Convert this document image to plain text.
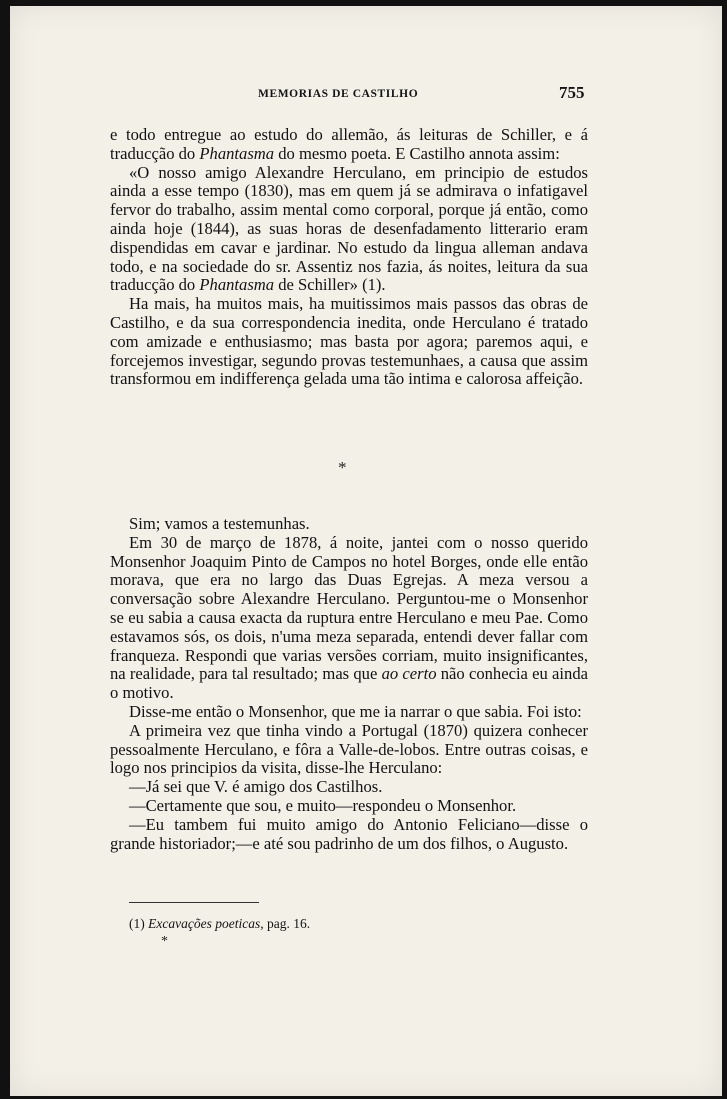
MEMORIAS DE CASTILHO	755

e todo entregue ao estudo do allemão, ás leituras de Schiller, e á traducção do Phantasma do mesmo poeta. E Castilho annota assim:

«O nosso amigo Alexandre Herculano, em principio de estudos ainda a esse tempo (1830), mas em quem já se admirava o infatigavel fervor do trabalho, assim mental como corporal, porque já então, como ainda hoje (1844), as suas horas de desenfadamento litterario eram dispendidas em cavar e jardinar. No estudo da lingua alleman andava todo, e na sociedade do sr. Assentiz nos fazia, ás noites, leitura da sua traducção do Phantasma de Schiller» (1).

Ha mais, ha muitos mais, ha muitissimos mais passos das obras de Castilho, e da sua correspondencia inedita, onde Herculano é tratado com amizade e enthusiasmo; mas basta por agora; paremos aqui, e forcejemos investigar, segundo provas testemunhaes, a causa que assim transformou em indifferença gelada uma tão intima e calorosa affeição.

*

Sim; vamos a testemunhas.

Em 30 de março de 1878, á noite, jantei com o nosso querido Monsenhor Joaquim Pinto de Campos no hotel Borges, onde elle então morava, que era no largo das Duas Egrejas. A meza versou a conversação sobre Alexandre Herculano. Perguntou-me o Monsenhor se eu sabia a causa exacta da ruptura entre Herculano e meu Pae. Como estavamos sós, os dois, n'uma meza separada, entendi dever fallar com franqueza. Respondi que varias versões corriam, muito insignificantes, na realidade, para tal resultado; mas que ao certo não conhecia eu ainda o motivo.

Disse-me então o Monsenhor, que me ia narrar o que sabia. Foi isto:

A primeira vez que tinha vindo a Portugal (1870) quizera conhecer pessoalmente Herculano, e fôra a Valle-de-lobos. Entre outras coisas, e logo nos principios da visita, disse-lhe Herculano:

—Já sei que V. é amigo dos Castilhos.

—Certamente que sou, e muito—respondeu o Monsenhor.

—Eu tambem fui muito amigo do Antonio Feliciano—disse o grande historiador;—e até sou padrinho de um dos filhos, o Augusto.

(1) Excavações poeticas, pag. 16.
*
